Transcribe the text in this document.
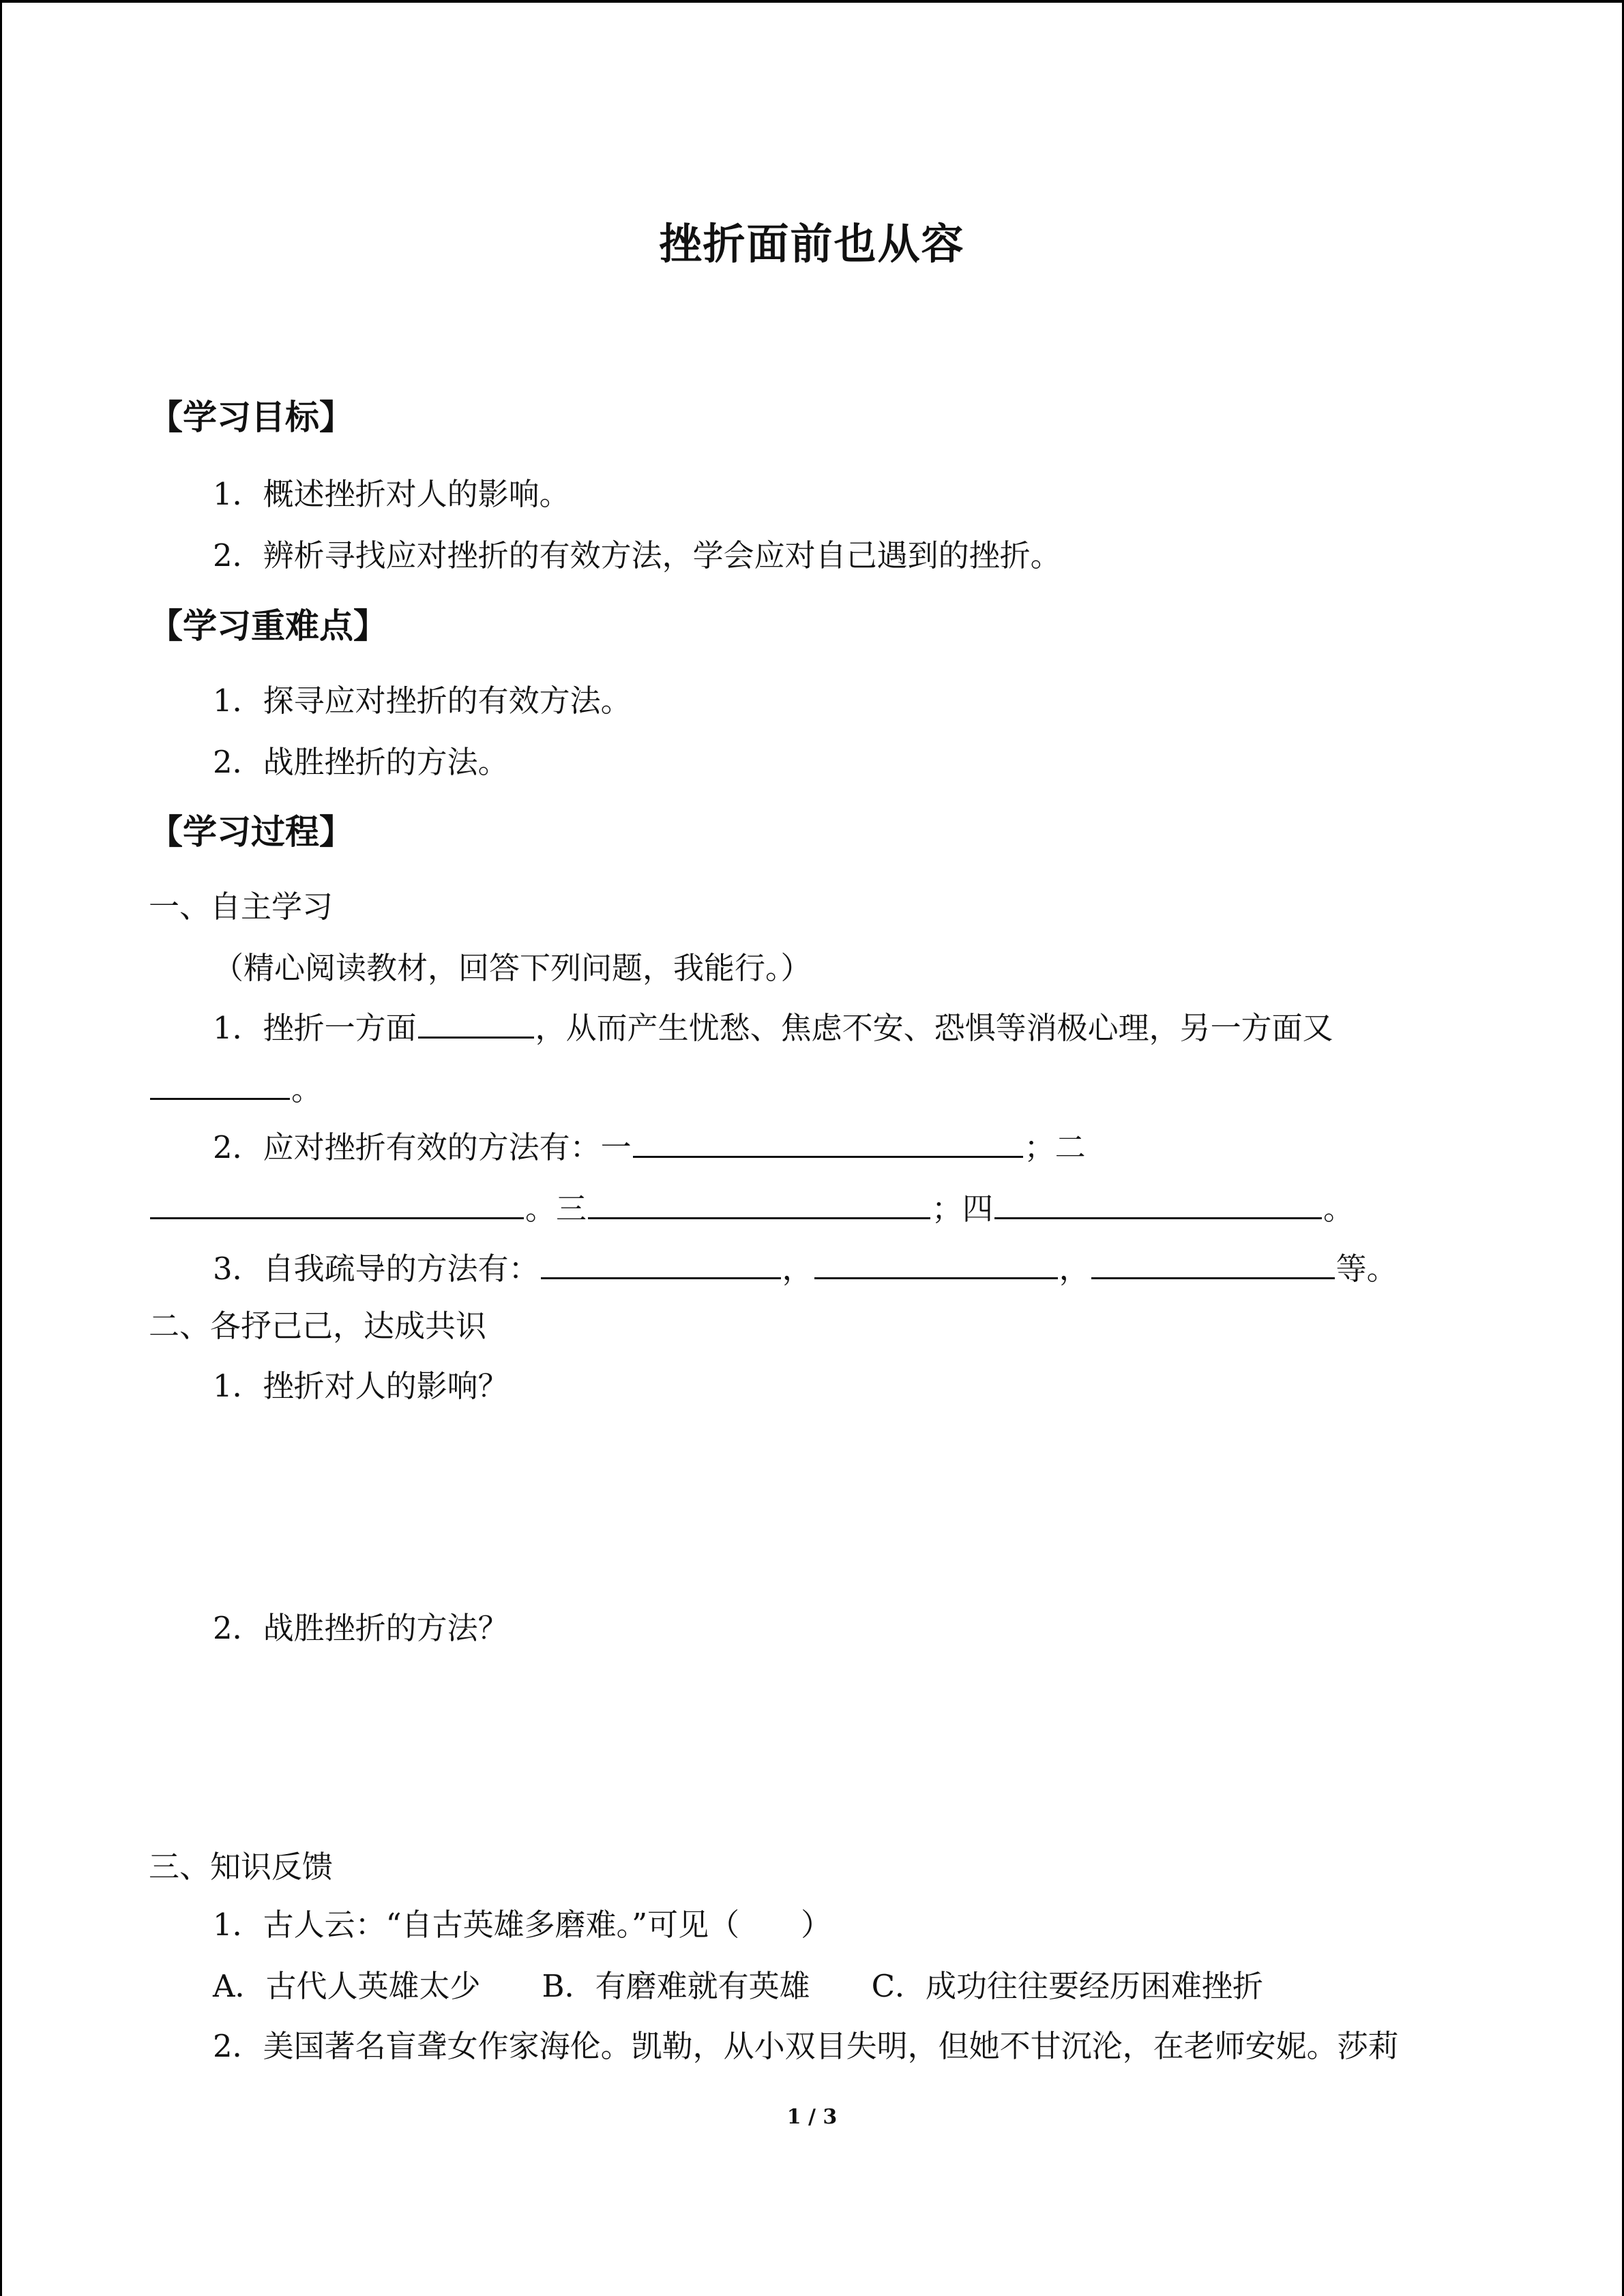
挫折面前也从容
【学习目标】
1．概述挫折对人的影响。
2．辨析寻找应对挫折的有效方法，学会应对自己遇到的挫折。
【学习重难点】
1．探寻应对挫折的有效方法。
2．战胜挫折的方法。
【学习过程】
一、自主学习
（精心阅读教材，回答下列问题，我能行。）
1．挫折一方面	，从而产生忧愁、焦虑不安、恐惧等消极心理，另一方面又
。
2．应对挫折有效的方法有：一	；二
。三	；四	。
3．自我疏导的方法有：	，	，	等。
二、各抒己己，达成共识
1．挫折对人的影响？
2．战胜挫折的方法？
三、知识反馈
1．古人云：“自古英雄多磨难。”可见（　　）
A．古代人英雄太少　　B．有磨难就有英雄　　C．成功往往要经历困难挫折
2．美国著名盲聋女作家海伦。凯勒，从小双目失明，但她不甘沉沦，在老师安妮。莎莉
1 / 3
